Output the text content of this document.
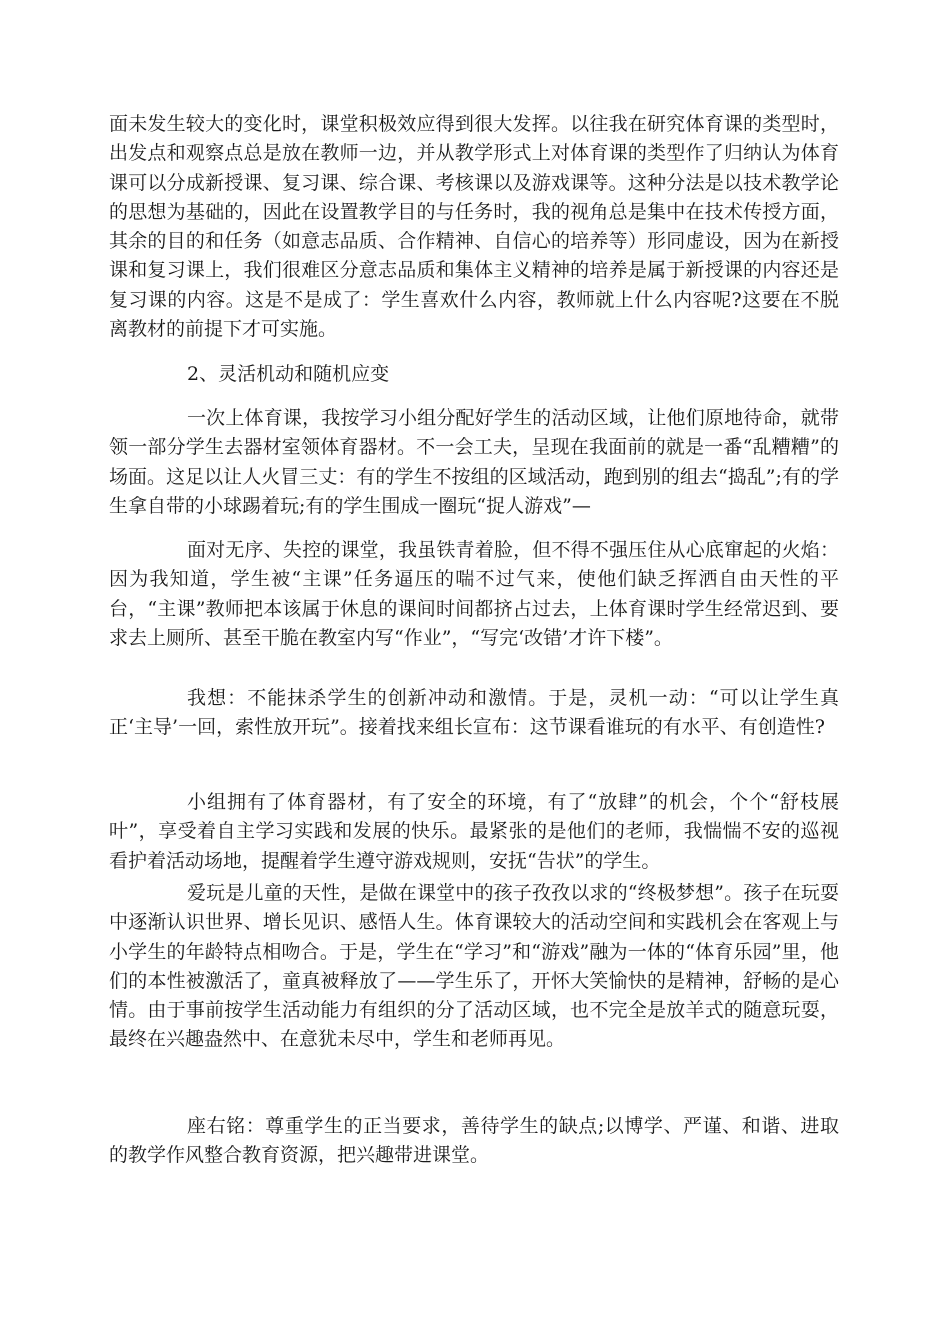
面未发生较大的变化时，课堂积极效应得到很大发挥。以往我在研究体育课的类型时，出发点和观察点总是放在教师一边，并从教学形式上对体育课的类型作了归纳认为体育课可以分成新授课、复习课、综合课、考核课以及游戏课等。这种分法是以技术教学论的思想为基础的，因此在设置教学目的与任务时，我的视角总是集中在技术传授方面，其余的目的和任务（如意志品质、合作精神、自信心的培养等）形同虚设，因为在新授课和复习课上，我们很难区分意志品质和集体主义精神的培养是属于新授课的内容还是复习课的内容。这是不是成了：学生喜欢什么内容，教师就上什么内容呢?这要在不脱离教材的前提下才可实施。

2、灵活机动和随机应变

一次上体育课，我按学习小组分配好学生的活动区域，让他们原地待命，就带领一部分学生去器材室领体育器材。不一会工夫，呈现在我面前的就是一番“乱糟糟”的场面。这足以让人火冒三丈：有的学生不按组的区域活动，跑到别的组去“捣乱”;有的学生拿自带的小球踢着玩;有的学生围成一圈玩“捉人游戏”—

面对无序、失控的课堂，我虽铁青着脸，但不得不强压住从心底窜起的火焰：因为我知道，学生被“主课”任务逼压的喘不过气来，使他们缺乏挥洒自由天性的平台，“主课”教师把本该属于休息的课间时间都挤占过去，上体育课时学生经常迟到、要求去上厕所、甚至干脆在教室内写“作业”，“写完‘改错’才许下楼”。

我想：不能抹杀学生的创新冲动和激情。于是，灵机一动：“可以让学生真正‘主导’一回，索性放开玩”。接着找来组长宣布：这节课看谁玩的有水平、有创造性?

小组拥有了体育器材，有了安全的环境，有了“放肆”的机会，个个“舒枝展叶”，享受着自主学习实践和发展的快乐。最紧张的是他们的老师，我惴惴不安的巡视看护着活动场地，提醒着学生遵守游戏规则，安抚“告状”的学生。

爱玩是儿童的天性，是做在课堂中的孩子孜孜以求的“终极梦想”。孩子在玩耍中逐渐认识世界、增长见识、感悟人生。体育课较大的活动空间和实践机会在客观上与小学生的年龄特点相吻合。于是，学生在“学习”和“游戏”融为一体的“体育乐园”里，他们的本性被激活了，童真被释放了——学生乐了，开怀大笑愉快的是精神，舒畅的是心情。由于事前按学生活动能力有组织的分了活动区域，也不完全是放羊式的随意玩耍，最终在兴趣盎然中、在意犹未尽中，学生和老师再见。

座右铭：尊重学生的正当要求，善待学生的缺点;以博学、严谨、和谐、进取的教学作风整合教育资源，把兴趣带进课堂。
